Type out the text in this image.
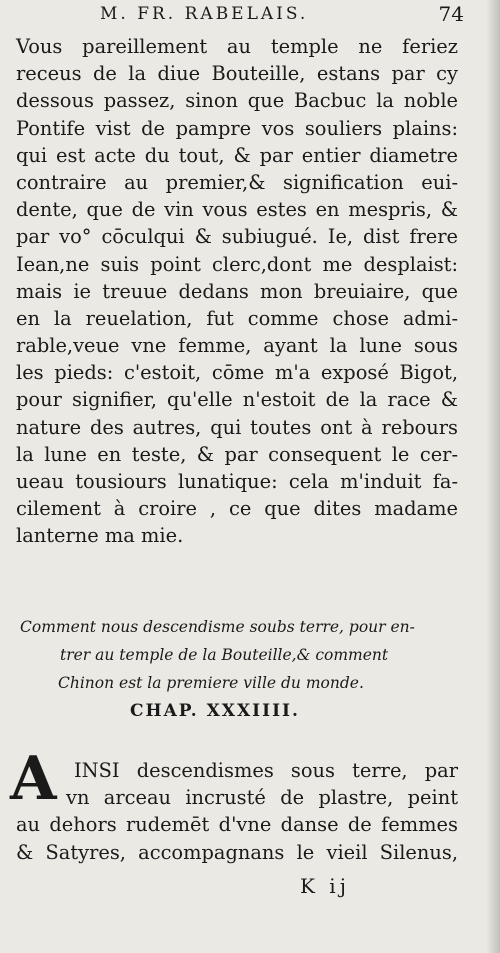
M. FR. RABELAIS.	74
Vous pareillement au temple ne feriez
receus de la diue Bouteille, estans par cy
dessous passez, sinon que Bacbuc la noble
Pontife vist de pampre vos souliers plains:
qui est acte du tout, & par entier diametre
contraire au premier,& signification eui-
dente, que de vin vous estes en mespris, &
par vo° cōculqui & subiugué. Ie, dist frere
Iean,ne suis point clerc,dont me desplaist:
mais ie treuue dedans mon breuiaire, que
en la reuelation, fut comme chose admi-
rable,veue vne femme, ayant la lune sous
les pieds: c'estoit, cōme m'a exposé Bigot,
pour signifier, qu'elle n'estoit de la race &
nature des autres, qui toutes ont à rebours
la lune en teste, & par consequent le cer-
ueau tousiours lunatique: cela m'induit fa-
cilement à croire , ce que dites madame
lanterne ma mie.
Comment nous descendisme soubs terre, pour en-
trer au temple de la Bouteille,& comment
Chinon est la premiere ville du monde.
CHAP. XXXIIII.
A INSI descendismes sous terre, par
vn arceau incrusté de plastre, peint
au dehors rudemēt d'vne danse de femmes
& Satyres, accompagnans le vieil Silenus,
K ij
